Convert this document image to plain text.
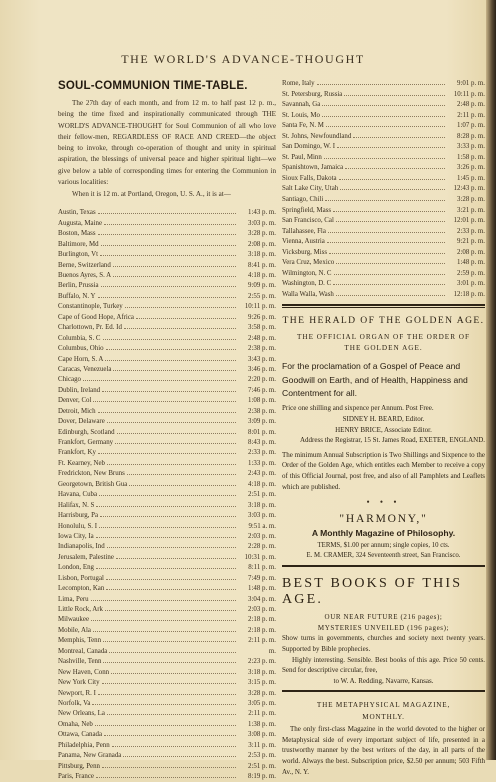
THE WORLD'S ADVANCE-THOUGHT
SOUL-COMMUNION TIME-TABLE.

The 27th day of each month, and from 12 m. to half past 12 p. m., being the time fixed and inspirationally communicated through THE WORLD'S ADVANCE-THOUGHT for Soul Communion of all who love their fellow-men, REGARDLESS OF RACE AND CREED—the object being to invoke, through co-operation of thought and unity in spiritual aspiration, the blessings of universal peace and higher spiritual light—we give below a table of corresponding times for entering the Communion in various localities:

When it is 12 m. at Portland, Oregon, U. S. A., it is at—

Austin, Texas	1:43 p. m.
Augusta, Maine	3:03 p. m.
Boston, Mass	3:28 p. m.
Baltimore, Md	2:08 p. m.
Burlington, Vt	3:18 p. m.
Berne, Switzerland	8:41 p. m.
Buenos Ayres, S. A	4:18 p. m.
Berlin, Prussia	9:09 p. m.
Buffalo, N. Y	2:55 p. m.
Constantinople, Turkey	10:11 p. m.
Cape of Good Hope, Africa	9:26 p. m.
Charlottown, Pr. Ed. Id	3:58 p. m.
Columbia, S. C	2:48 p. m.
Columbus, Ohio	2:38 p. m.
Cape Horn, S. A	3:43 p. m.
Caracas, Venezuela	3:46 p. m.
Chicago	2:20 p. m.
Dublin, Ireland	7:46 p. m.
Denver, Col	1:08 p. m.
Detroit, Mich	2:38 p. m.
Dover, Delaware	3:09 p. m.
Edinburgh, Scotland	8:01 p. m.
Frankfort, Germany	8:43 p. m.
Frankfort, Ky	2:33 p. m.
Ft. Kearney, Neb	1:33 p. m.
Fredrickton, New Bruns	2:43 p. m.
Georgetown, British Gua	4:18 p. m.
Havana, Cuba	2:51 p. m.
Halifax, N. S	3:18 p. m.
Harrisburg, Pa	3:03 p. m.
Honolulu, S. I	9:51 a. m.
Iowa City, Ia	2:03 p. m.
Indianapolis, Ind	2:28 p. m.
Jerusalem, Palestine	10:31 p. m.
London, Eng	8:11 p. m.
Lisbon, Portugal	7:49 p. m.
Lecompton, Kan	1:48 p. m.
Lima, Peru	3:04 p. m.
Little Rock, Ark	2:03 p. m.
Milwaukee	2:18 p. m.
Mobile, Ala	2:18 p. m.
Memphis, Tenn	2:11 p. m.
Montreal, Canada	m.
Nashville, Tenn	2:23 p. m.
New Haven, Conn	3:18 p. m.
New York City	3:15 p. m.
Newport, R. I	3:28 p. m.
Norfolk, Va	3:05 p. m.
New Orleans, La	2:11 p. m.
Omaha, Neb	1:38 p. m.
Ottawa, Canada	3:08 p. m.
Philadelphia, Penn	3:11 p. m.
Panama, New Granada	2:53 p. m.
Pittsburg, Penn	2:51 p. m.
Paris, France	8:19 p. m.
Rome, Italy	9:01 p. m.
St. Petersburg, Russia	10:11 p. m.
Savannah, Ga	2:48 p. m.
St. Louis, Mo	2:11 p. m.
Santa Fe, N. M	1:07 p. m.
St. Johns, Newfoundland	8:28 p. m.
San Domingo, W. I	3:33 p. m.
St. Paul, Minn	1:58 p. m.
Spanishtown, Jamaica	3:26 p. m.
Sioux Falls, Dakota	1:45 p. m.
Salt Lake City, Utah	12:43 p. m.
Santiago, Chili	3:28 p. m.
Springfield, Mass	3:21 p. m.
San Francisco, Cal	12:01 p. m.
Tallahassee, Fla	2:33 p. m.
Vienna, Austria	9:21 p. m.
Vicksburg, Miss	2:08 p. m.
Vera Cruz, Mexico	1:48 p. m.
Wilmington, N. C	2:59 p. m.
Washington, D. C	3:01 p. m.
Walla Walla, Wash	12:18 p. m.
THE HERALD OF THE GOLDEN AGE.
THE OFFICIAL ORGAN OF THE ORDER OF
THE GOLDEN AGE.

For the proclamation of a Gospel of Peace and Goodwill on Earth, and of Health, Happiness and Contentment for all.

Price one shilling and sixpence per Annum. Post Free.

SIDNEY H. BEARD, Editor.

HENRY BRICE, Associate Editor.

Address the Registrar, 15 St. James Road, EXETER, ENGLAND.

The minimum Annual Subscription is Two Shillings and Sixpence to the Order of the Golden Age, which entitles each Member to receive a copy of this Official Journal, post free, and also of all Pamphlets and Leaflets which are published.

• • •
"HARMONY,"
A Monthly Magazine of Philosophy.
TERMS, $1.00 per annum; single copies, 10 cts.
E. M. CRAMER, 324 Seventeenth street, San Francisco.
BEST BOOKS OF THIS AGE.
OUR NEAR FUTURE (216 pages);
MYSTERIES UNVEILED (196 pages);

Show turns in governments, churches and society next twenty years. Supported by Bible prophecies.

Highly interesting. Sensible. Best books of this age. Price 50 cents. Send for descriptive circular, free,

to W. A. Redding, Navarre, Kansas.

THE METAPHYSICAL MAGAZINE,
MONTHLY.

The only first-class Magazine in the world devoted to the higher or Metaphysical side of every important subject of life, presented in a trustworthy manner by the best writers of the day, in all parts of the world. Always the best. Subscription price, $2.50 per annum; 503 Fifth Av., N. Y.
